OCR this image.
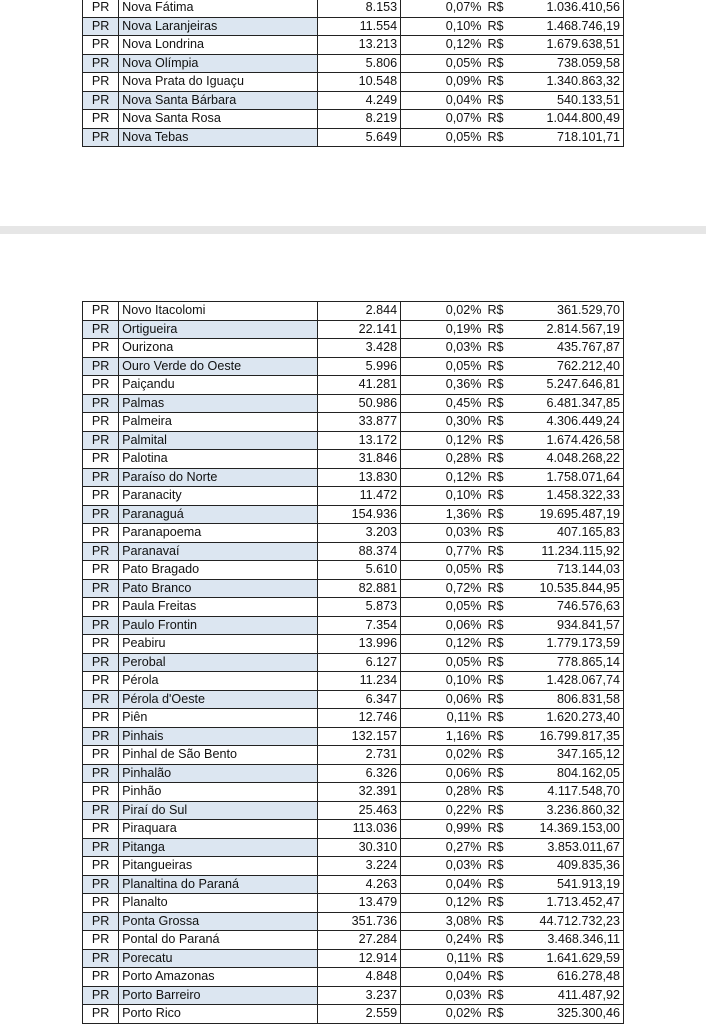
PR	Nova Fátima	8.153	0,07%	R$	1.036.410,56
PR	Nova Laranjeiras	11.554	0,10%	R$	1.468.746,19
PR	Nova Londrina	13.213	0,12%	R$	1.679.638,51
PR	Nova Olímpia	5.806	0,05%	R$	738.059,58
PR	Nova Prata do Iguaçu	10.548	0,09%	R$	1.340.863,32
PR	Nova Santa Bárbara	4.249	0,04%	R$	540.133,51
PR	Nova Santa Rosa	8.219	0,07%	R$	1.044.800,49
PR	Nova Tebas	5.649	0,05%	R$	718.101,71
PR	Novo Itacolomi	2.844	0,02%	R$	361.529,70
PR	Ortigueira	22.141	0,19%	R$	2.814.567,19
PR	Ourizona	3.428	0,03%	R$	435.767,87
PR	Ouro Verde do Oeste	5.996	0,05%	R$	762.212,40
PR	Paiçandu	41.281	0,36%	R$	5.247.646,81
PR	Palmas	50.986	0,45%	R$	6.481.347,85
PR	Palmeira	33.877	0,30%	R$	4.306.449,24
PR	Palmital	13.172	0,12%	R$	1.674.426,58
PR	Palotina	31.846	0,28%	R$	4.048.268,22
PR	Paraíso do Norte	13.830	0,12%	R$	1.758.071,64
PR	Paranacity	11.472	0,10%	R$	1.458.322,33
PR	Paranaguá	154.936	1,36%	R$	19.695.487,19
PR	Paranapoema	3.203	0,03%	R$	407.165,83
PR	Paranavaí	88.374	0,77%	R$	11.234.115,92
PR	Pato Bragado	5.610	0,05%	R$	713.144,03
PR	Pato Branco	82.881	0,72%	R$	10.535.844,95
PR	Paula Freitas	5.873	0,05%	R$	746.576,63
PR	Paulo Frontin	7.354	0,06%	R$	934.841,57
PR	Peabiru	13.996	0,12%	R$	1.779.173,59
PR	Perobal	6.127	0,05%	R$	778.865,14
PR	Pérola	11.234	0,10%	R$	1.428.067,74
PR	Pérola d'Oeste	6.347	0,06%	R$	806.831,58
PR	Piên	12.746	0,11%	R$	1.620.273,40
PR	Pinhais	132.157	1,16%	R$	16.799.817,35
PR	Pinhal de São Bento	2.731	0,02%	R$	347.165,12
PR	Pinhalão	6.326	0,06%	R$	804.162,05
PR	Pinhão	32.391	0,28%	R$	4.117.548,70
PR	Piraí do Sul	25.463	0,22%	R$	3.236.860,32
PR	Piraquara	113.036	0,99%	R$	14.369.153,00
PR	Pitanga	30.310	0,27%	R$	3.853.011,67
PR	Pitangueiras	3.224	0,03%	R$	409.835,36
PR	Planaltina do Paraná	4.263	0,04%	R$	541.913,19
PR	Planalto	13.479	0,12%	R$	1.713.452,47
PR	Ponta Grossa	351.736	3,08%	R$	44.712.732,23
PR	Pontal do Paraná	27.284	0,24%	R$	3.468.346,11
PR	Porecatu	12.914	0,11%	R$	1.641.629,59
PR	Porto Amazonas	4.848	0,04%	R$	616.278,48
PR	Porto Barreiro	3.237	0,03%	R$	411.487,92
PR	Porto Rico	2.559	0,02%	R$	325.300,46
